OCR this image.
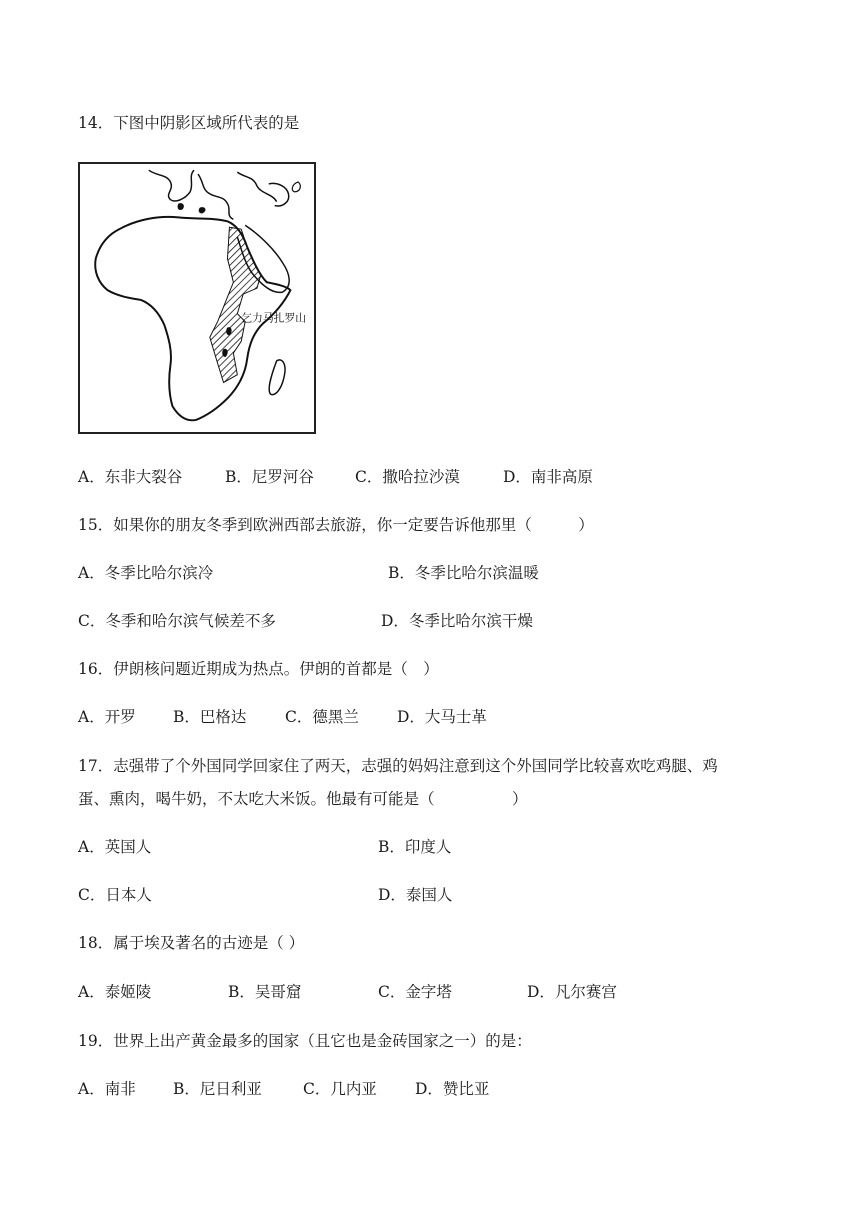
14．下图中阴影区域所代表的是
乞力马扎罗山
A．东非大裂谷	B．尼罗河谷	C．撒哈拉沙漠	D．南非高原
15．如果你的朋友冬季到欧洲西部去旅游，你一定要告诉他那里（　　　）
A．冬季比哈尔滨冷	B．冬季比哈尔滨温暖
C．冬季和哈尔滨气候差不多	D．冬季比哈尔滨干燥
16．伊朗核问题近期成为热点。伊朗的首都是（　）
A．开罗 B．巴格达 C．德黑兰 D．大马士革
17．志强带了个外国同学回家住了两天，志强的妈妈注意到这个外国同学比较喜欢吃鸡腿、鸡
蛋、熏肉，喝牛奶，不太吃大米饭。他最有可能是（　　　　　）
A．英国人	B．印度人
C．日本人	D．泰国人
18．属于埃及著名的古迹是（ ）
A．泰姬陵	B．吴哥窟	C．金字塔	D．凡尔赛宫
19．世界上出产黄金最多的国家（且它也是金砖国家之一）的是：
A．南非 B．尼日利亚	C．几内亚 D．赞比亚
